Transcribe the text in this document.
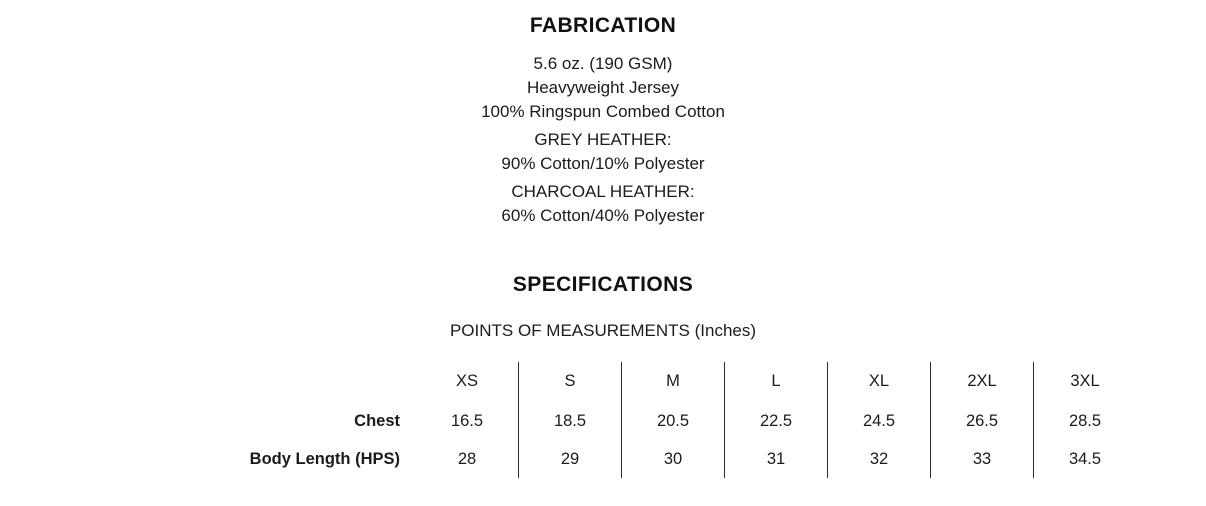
FABRICATION
5.6 oz. (190 GSM)
Heavyweight Jersey
100% Ringspun Combed Cotton
GREY HEATHER:
90% Cotton/10% Polyester
CHARCOAL HEATHER:
60% Cotton/40% Polyester
SPECIFICATIONS
POINTS OF MEASUREMENTS (Inches)
	XS	S	M	L	XL	2XL	3XL
Chest	16.5	18.5	20.5	22.5	24.5	26.5	28.5
Body Length (HPS)	28	29	30	31	32	33	34.5
